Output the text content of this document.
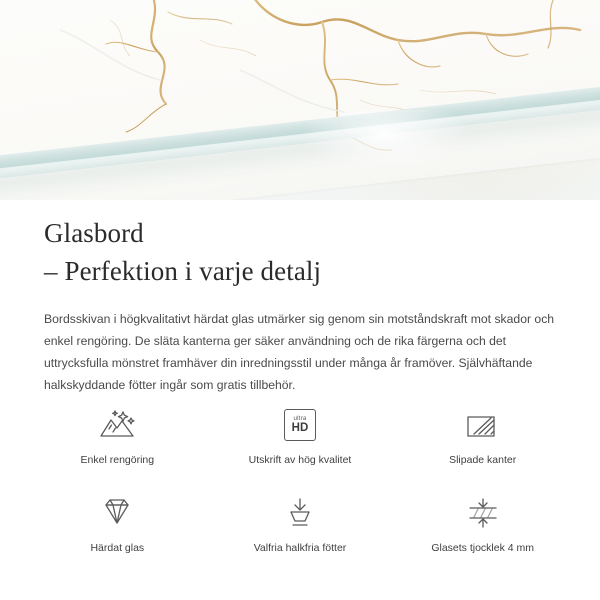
Glasbord
– Perfektion i varje detalj

Bordsskivan i högkvalitativt härdat glas utmärker sig genom sin motståndskraft mot skador och enkel rengöring. De släta kanterna ger säker användning och de rika färgerna och det uttrycksfulla mönstret framhäver din inredningsstil under många år framöver. Självhäftande halkskyddande fötter ingår som gratis tillbehör.

Enkel rengöring
ultra
HD
Utskrift av hög kvalitet	Slipade kanter
Härdat glas	Valfria halkfria fötter	Glasets tjocklek 4 mm
